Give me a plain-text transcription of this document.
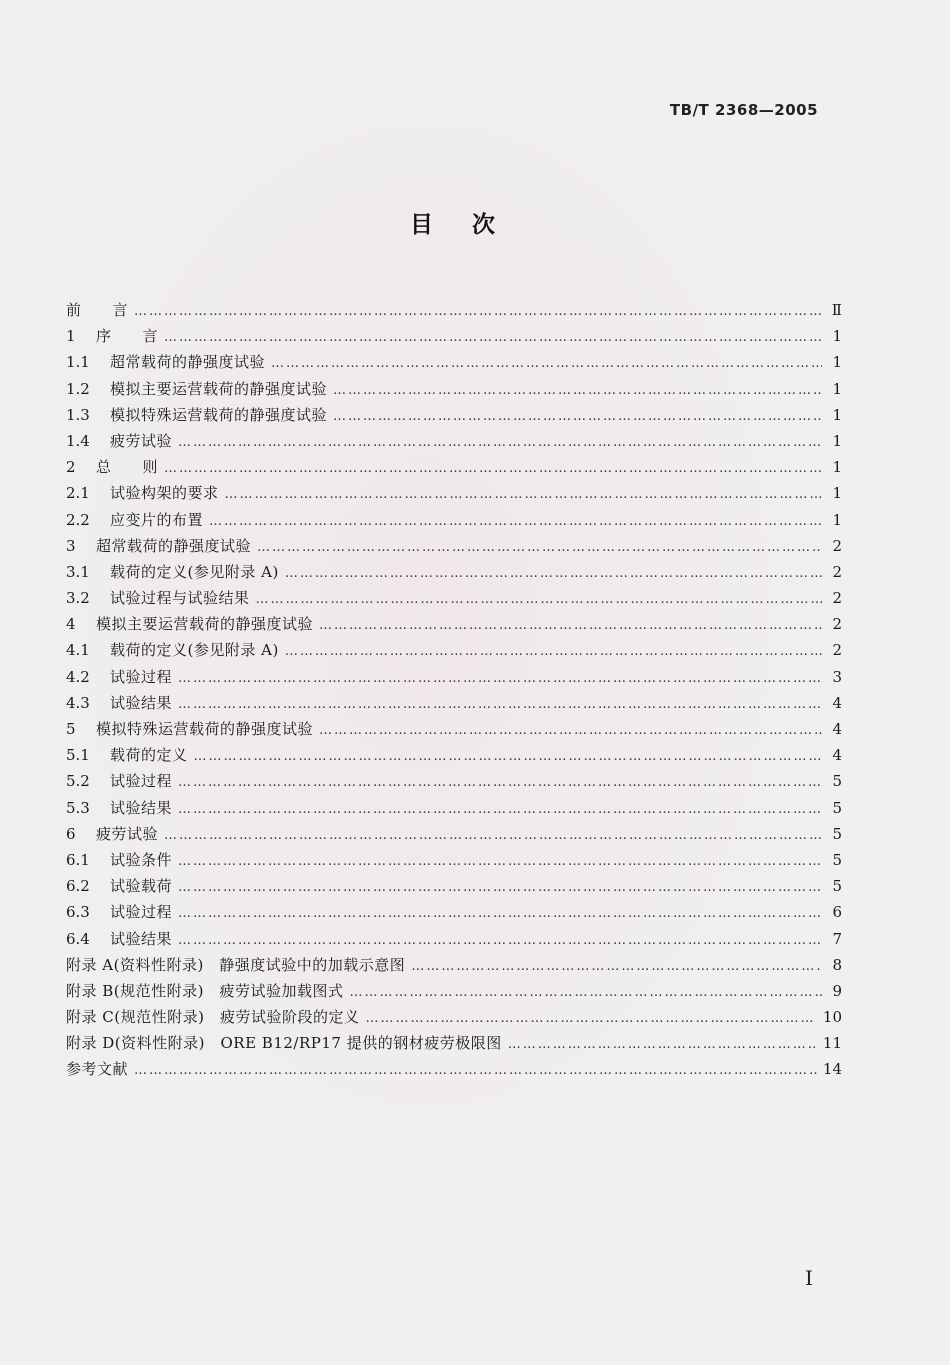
TB/T 2368—2005
目 次
前　　言 ……………………………………………………………………………………………………………………………………………………………………………………	Ⅱ
1	序　　言 ……………………………………………………………………………………………………………………………………………………………………………………	1
1.1	超常载荷的静强度试验 ……………………………………………………………………………………………………………………………………………………………………………………	1
1.2	模拟主要运营载荷的静强度试验 ……………………………………………………………………………………………………………………………………………………………………………………	1
1.3	模拟特殊运营载荷的静强度试验 ……………………………………………………………………………………………………………………………………………………………………………………	1
1.4	疲劳试验 ……………………………………………………………………………………………………………………………………………………………………………………	1
2	总　　则 ……………………………………………………………………………………………………………………………………………………………………………………	1
2.1	试验构架的要求 ……………………………………………………………………………………………………………………………………………………………………………………	1
2.2	应变片的布置 ……………………………………………………………………………………………………………………………………………………………………………………	1
3	超常载荷的静强度试验 ……………………………………………………………………………………………………………………………………………………………………………………	2
3.1	载荷的定义(参见附录 A) ……………………………………………………………………………………………………………………………………………………………………………………	2
3.2	试验过程与试验结果 ……………………………………………………………………………………………………………………………………………………………………………………	2
4	模拟主要运营载荷的静强度试验 ……………………………………………………………………………………………………………………………………………………………………………………	2
4.1	载荷的定义(参见附录 A) ……………………………………………………………………………………………………………………………………………………………………………………	2
4.2	试验过程 ……………………………………………………………………………………………………………………………………………………………………………………	3
4.3	试验结果 ……………………………………………………………………………………………………………………………………………………………………………………	4
5	模拟特殊运营载荷的静强度试验 ……………………………………………………………………………………………………………………………………………………………………………………	4
5.1	载荷的定义 ……………………………………………………………………………………………………………………………………………………………………………………	4
5.2	试验过程 ……………………………………………………………………………………………………………………………………………………………………………………	5
5.3	试验结果 ……………………………………………………………………………………………………………………………………………………………………………………	5
6	疲劳试验 ……………………………………………………………………………………………………………………………………………………………………………………	5
6.1	试验条件 ……………………………………………………………………………………………………………………………………………………………………………………	5
6.2	试验载荷 ……………………………………………………………………………………………………………………………………………………………………………………	5
6.3	试验过程 ……………………………………………………………………………………………………………………………………………………………………………………	6
6.4	试验结果 ……………………………………………………………………………………………………………………………………………………………………………………	7
附录 A(资料性附录)　静强度试验中的加载示意图 ……………………………………………………………………………………………………………………………………………………………………………………	8
附录 B(规范性附录)　疲劳试验加载图式 ……………………………………………………………………………………………………………………………………………………………………………………	9
附录 C(规范性附录)　疲劳试验阶段的定义 ……………………………………………………………………………………………………………………………………………………………………………………	10
附录 D(资料性附录)　ORE B12/RP17 提供的钢材疲劳极限图 ……………………………………………………………………………………………………………………………………………………………………………………	11
参考文献 ……………………………………………………………………………………………………………………………………………………………………………………	14
I
